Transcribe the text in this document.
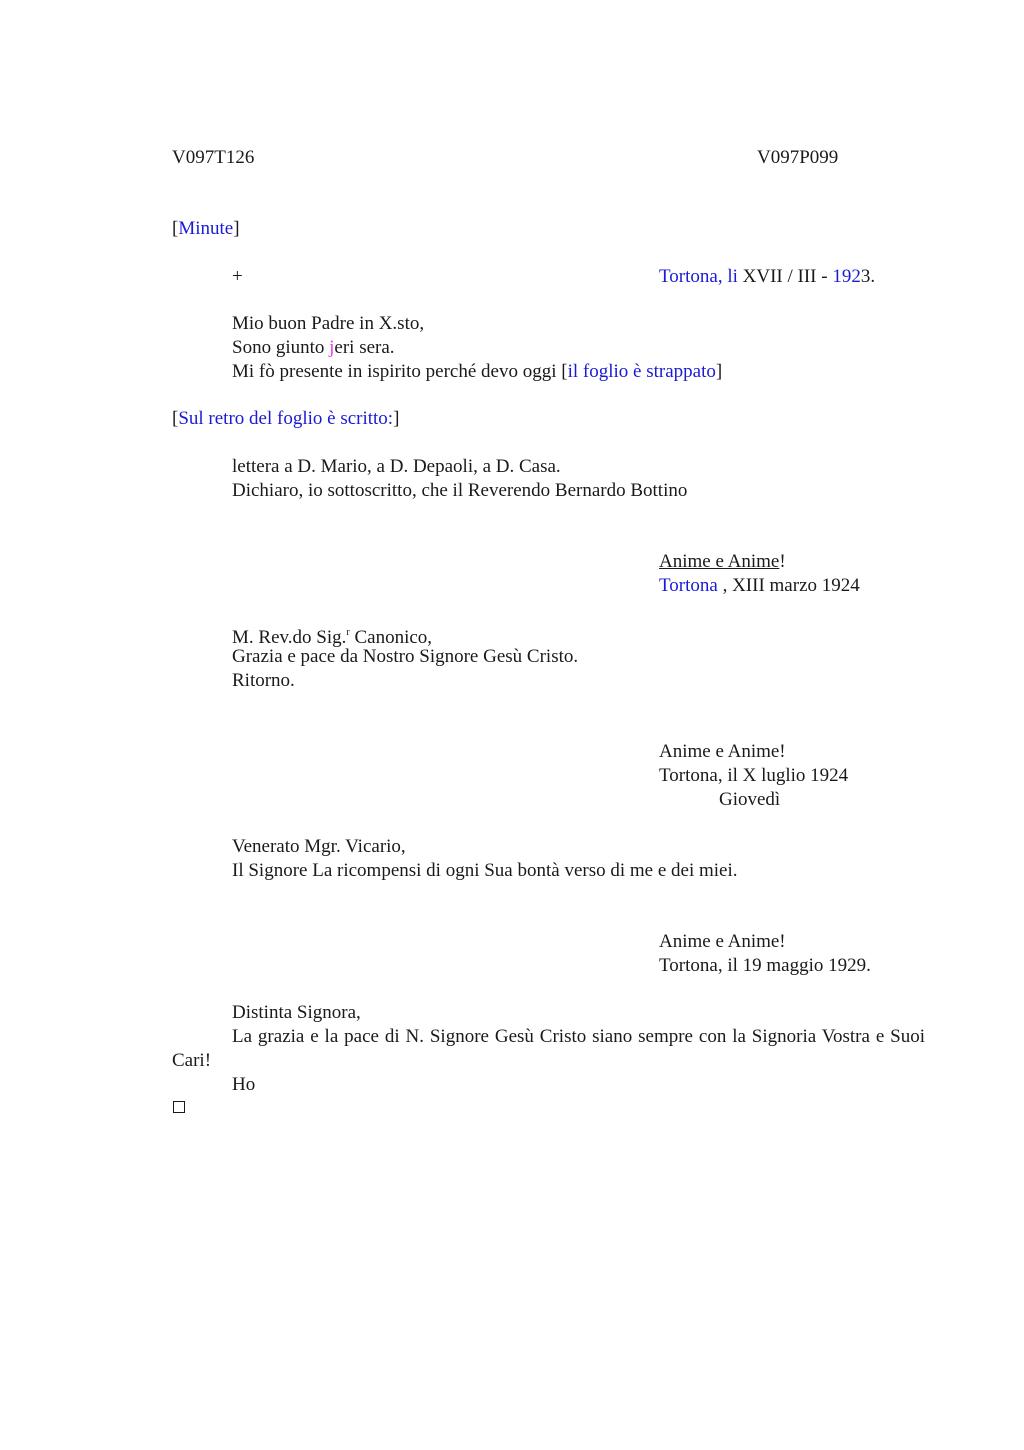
V097T126	V097P099
[Minute]
+	Tortona, li XVII / III - 1923.
Mio buon Padre in X.sto,
Sono giunto jeri sera.
Mi fò presente in ispirito perché devo oggi [il foglio è strappato]
[Sul retro del foglio è scritto:]
lettera a D. Mario, a D. Depaoli, a D. Casa.
Dichiaro, io sottoscritto, che il Reverendo Bernardo Bottino
Anime e Anime!
Tortona , XIII marzo 1924
M. Rev.do Sig.$^r$ Canonico,
Grazia e pace da Nostro Signore Gesù Cristo.
Ritorno.
Anime e Anime!
Tortona, il X luglio 1924
Giovedì
Venerato Mgr. Vicario,
Il Signore La ricompensi di ogni Sua bontà verso di me e dei miei.
Anime e Anime!
Tortona, il 19 maggio 1929.
Distinta Signora,
La grazia e la pace di N. Signore Gesù Cristo siano sempre con la Signoria Vostra e Suoi Cari!
Ho
